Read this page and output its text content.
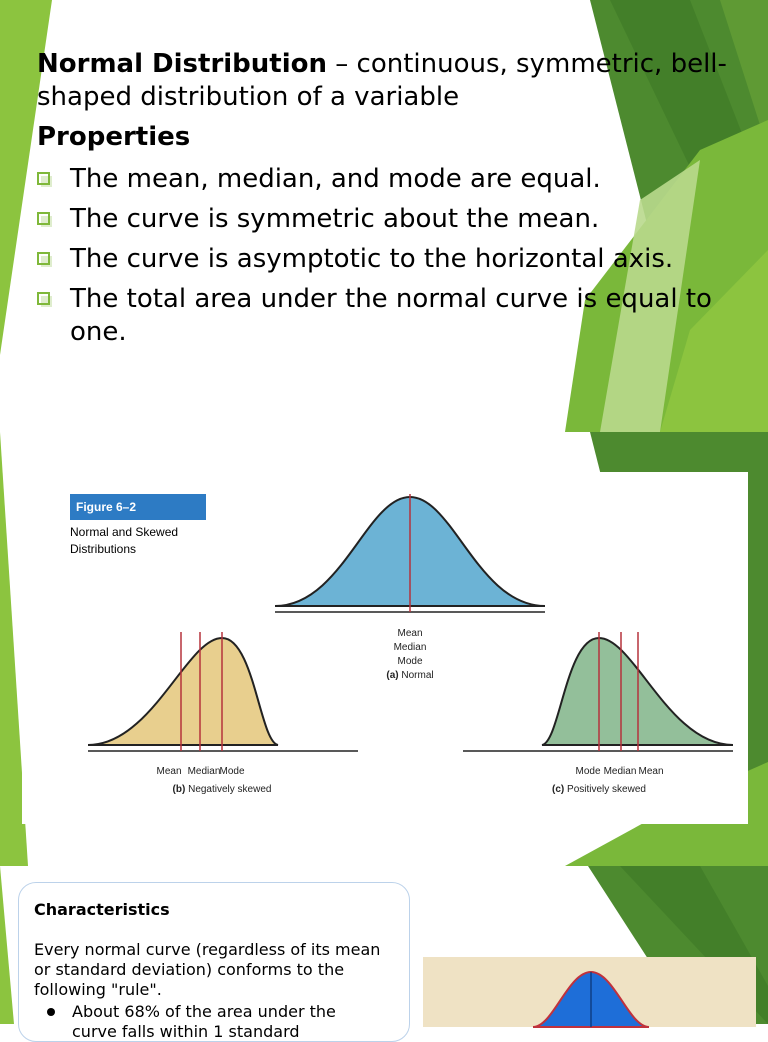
Normal Distribution – continuous, symmetric, bell-shaped distribution of a variable
Properties
The mean, median, and mode are equal.
The curve is symmetric about the mean.
The curve is asymptotic to the horizontal axis.
The total area under the normal curve is equal to one.
Mean
Median
Mode
(a) Normal
Mean Median Mode
(b) Negatively skewed
Mode Median Mean
(c) Positively skewed
Figure 6–2
Normal and Skewed Distributions
Characteristics
Every normal curve (regardless of its mean or standard deviation) conforms to the following "rule".
About 68% of the area under the curve falls within 1 standard
